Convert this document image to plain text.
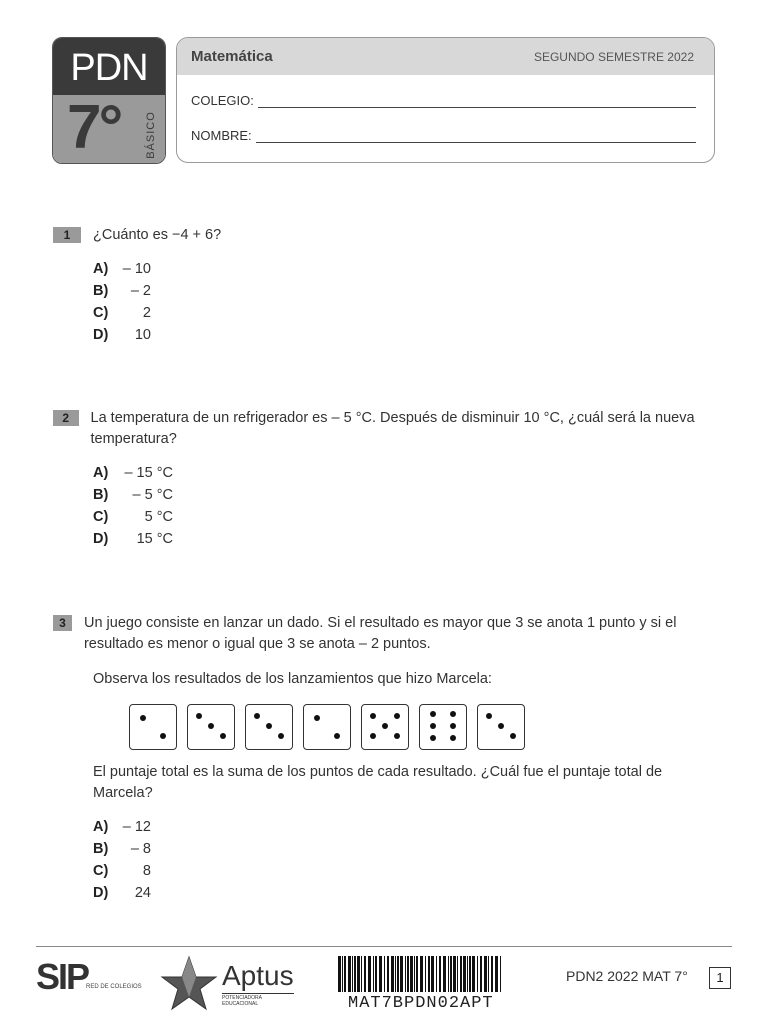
PDN
7° BÁSICO
Matemática	SEGUNDO SEMESTRE 2022
COLEGIO:
NOMBRE:
1	¿Cuánto es −4 + 6?
A) – 10
B)	– 2
C)	2
D)	10
2	La temperatura de un refrigerador es – 5 °C. Después de disminuir 10 °C, ¿cuál será la nueva temperatura?
A)	– 15 °C
B)	– 5 °C
C)	5 °C
D)	15 °C
3	Un juego consiste en lanzar un dado. Si el resultado es mayor que 3 se anota 1 punto y si el resultado es menor o igual que 3 se anota – 2 puntos.
Observa los resultados de los lanzamientos que hizo Marcela:
El puntaje total es la suma de los puntos de cada resultado. ¿Cuál fue el puntaje total de Marcela?
A) – 12
B)	– 8
C)	8
D)	24
SIP
RED DE COLEGIOS	Aptus
POTENCIADORA EDUCACIONAL	MAT7BPDN02APT
PDN2 2022 MAT 7°	1
